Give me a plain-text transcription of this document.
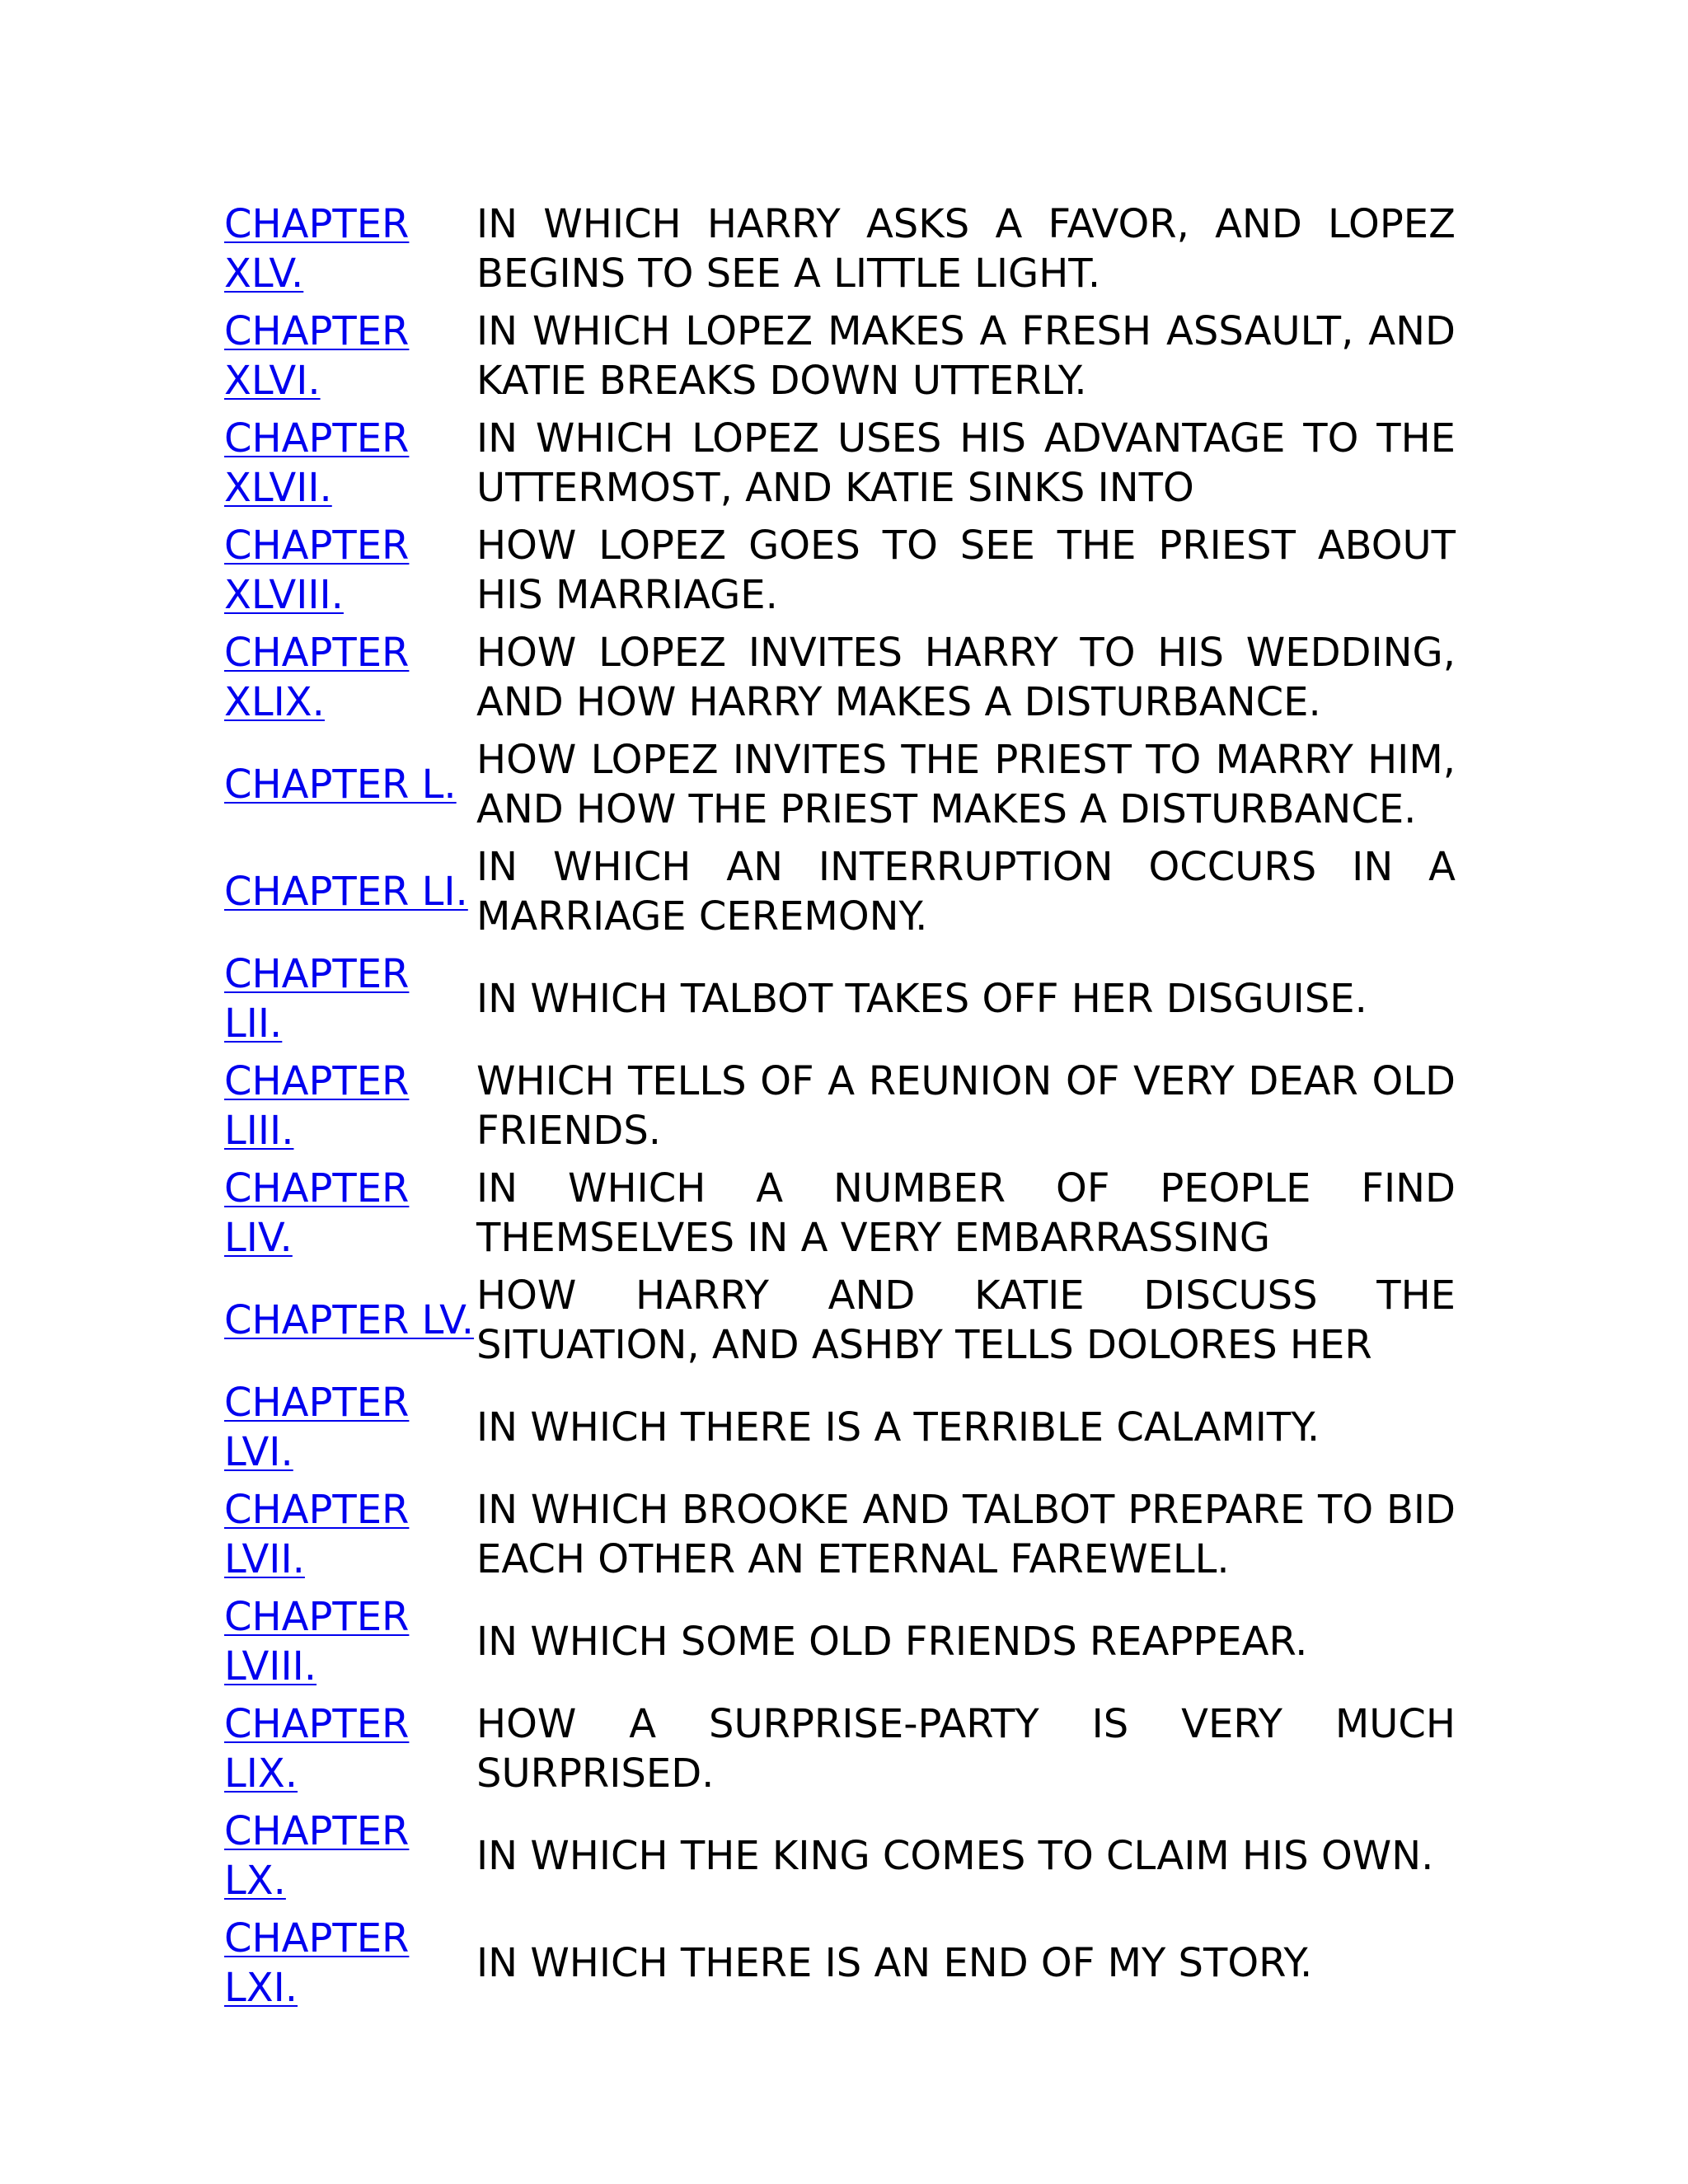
CHAPTER XLV.
IN WHICH HARRY ASKS A FAVOR, AND LOPEZ BEGINS TO SEE A LITTLE LIGHT.
CHAPTER XLVI.
IN WHICH LOPEZ MAKES A FRESH ASSAULT, AND KATIE BREAKS DOWN UTTERLY.
CHAPTER XLVII.
IN WHICH LOPEZ USES HIS ADVANTAGE TO THE UTTERMOST, AND KATIE SINKS INTO
CHAPTER XLVIII.
HOW LOPEZ GOES TO SEE THE PRIEST ABOUT HIS MARRIAGE.
CHAPTER XLIX.
HOW LOPEZ INVITES HARRY TO HIS WEDDING, AND HOW HARRY MAKES A DISTURBANCE.
CHAPTER L.
HOW LOPEZ INVITES THE PRIEST TO MARRY HIM, AND HOW THE PRIEST MAKES A DISTURBANCE.
CHAPTER LI.
IN WHICH AN INTERRUPTION OCCURS IN A MARRIAGE CEREMONY.
CHAPTER LII.
IN WHICH TALBOT TAKES OFF HER DISGUISE.
CHAPTER LIII.
WHICH TELLS OF A REUNION OF VERY DEAR OLD FRIENDS.
CHAPTER LIV.
IN WHICH A NUMBER OF PEOPLE FIND THEMSELVES IN A VERY EMBARRASSING
CHAPTER LV.
HOW HARRY AND KATIE DISCUSS THE SITUATION, AND ASHBY TELLS DOLORES HER
CHAPTER LVI.
IN WHICH THERE IS A TERRIBLE CALAMITY.
CHAPTER LVII.
IN WHICH BROOKE AND TALBOT PREPARE TO BID EACH OTHER AN ETERNAL FAREWELL.
CHAPTER LVIII.
IN WHICH SOME OLD FRIENDS REAPPEAR.
CHAPTER LIX.
HOW A SURPRISE-PARTY IS VERY MUCH SURPRISED.
CHAPTER LX.
IN WHICH THE KING COMES TO CLAIM HIS OWN.
CHAPTER LXI.
IN WHICH THERE IS AN END OF MY STORY.
